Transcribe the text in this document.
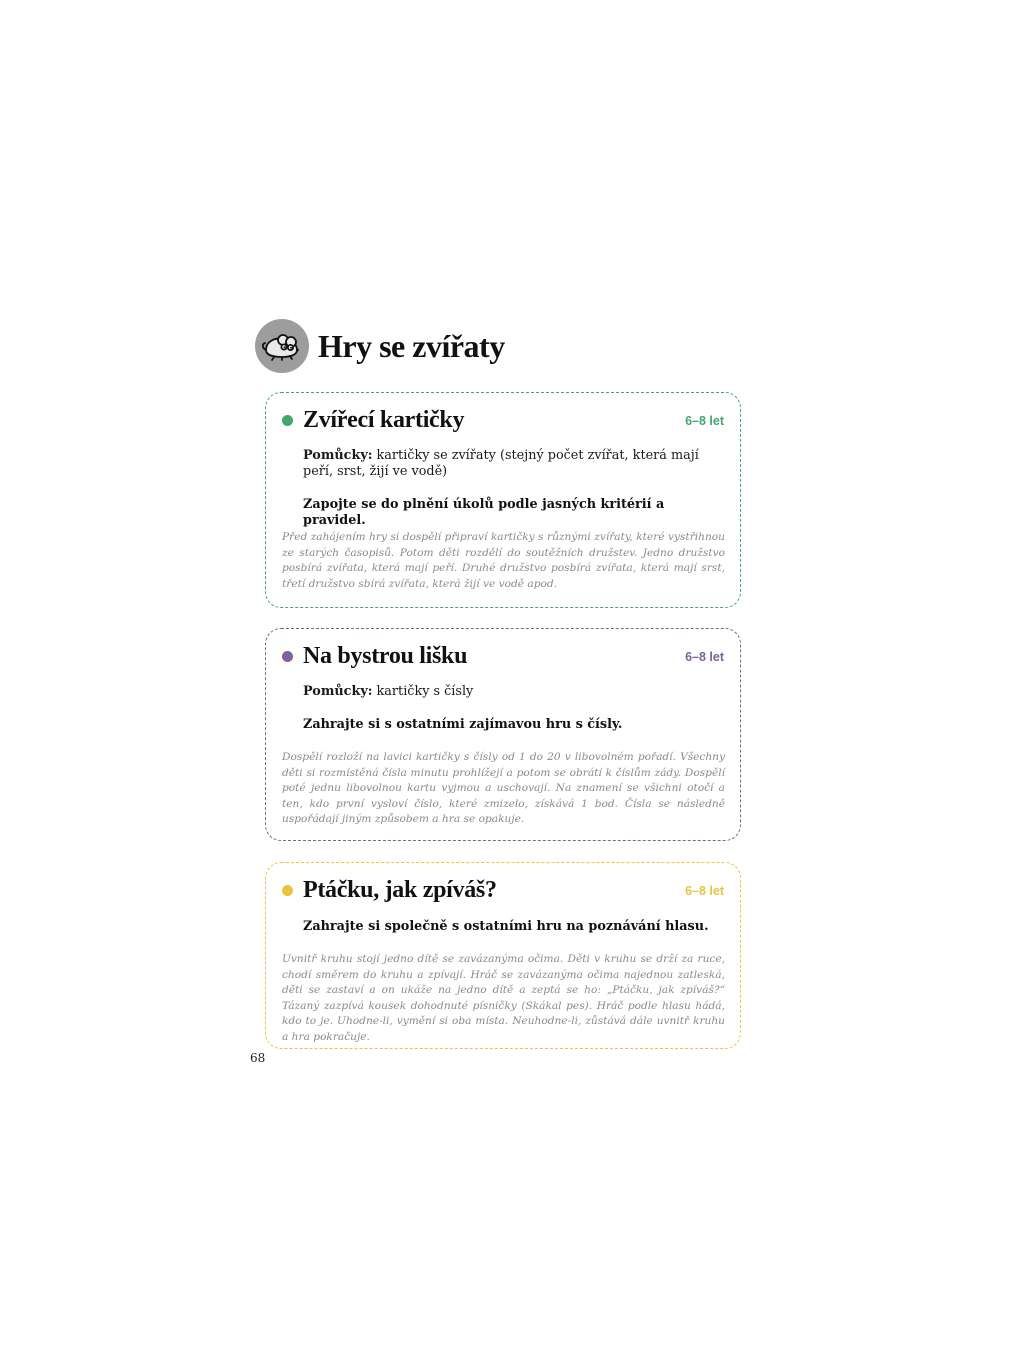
Hry se zvířaty
Zvířecí kartičky	6–8 let

Pomůcky: kartičky se zvířaty (stejný počet zvířat, která mají peří, srst, žijí ve vodě)

Zapojte se do plnění úkolů podle jasných kritérií a pravidel.

Před zahájením hry si dospělí připraví kartičky s různými zvířaty, které vystřihnou ze starých časopisů. Potom děti rozdělí do soutěžních družstev. Jedno družstvo posbírá zvířata, která mají peří. Druhé družstvo posbírá zvířata, která mají srst, třetí družstvo sbírá zvířata, která žijí ve vodě apod.

Na bystrou lišku	6–8 let

Pomůcky: kartičky s čísly

Zahrajte si s ostatními zajímavou hru s čísly.

Dospělí rozloží na lavici kartičky s čísly od 1 do 20 v libovolném pořadí. Všechny děti si rozmístěná čísla minutu prohlížejí a potom se obrátí k číslům zády. Dospělí poté jednu libovolnou kartu vyjmou a uschovají. Na znamení se všichni otočí a ten, kdo první vysloví číslo, které zmizelo, získává 1 bod. Čísla se následně uspořádají jiným způsobem a hra se opakuje.

Ptáčku, jak zpíváš?	6–8 let

Zahrajte si společně s ostatními hru na poznávání hlasu.

Uvnitř kruhu stojí jedno dítě se zavázanýma očima. Děti v kruhu se drží za ruce, chodí směrem do kruhu a zpívají. Hráč se zavázanýma očima najednou zatleská, děti se zastaví a on ukáže na jedno dítě a zeptá se ho: „Ptáčku, jak zpíváš?“ Tázaný zazpívá kousek dohodnuté písničky (Skákal pes). Hráč podle hlasu hádá, kdo to je. Uhodne-li, vymění si oba místa. Neuhodne-li, zůstává dále uvnitř kruhu a hra pokračuje.

68
